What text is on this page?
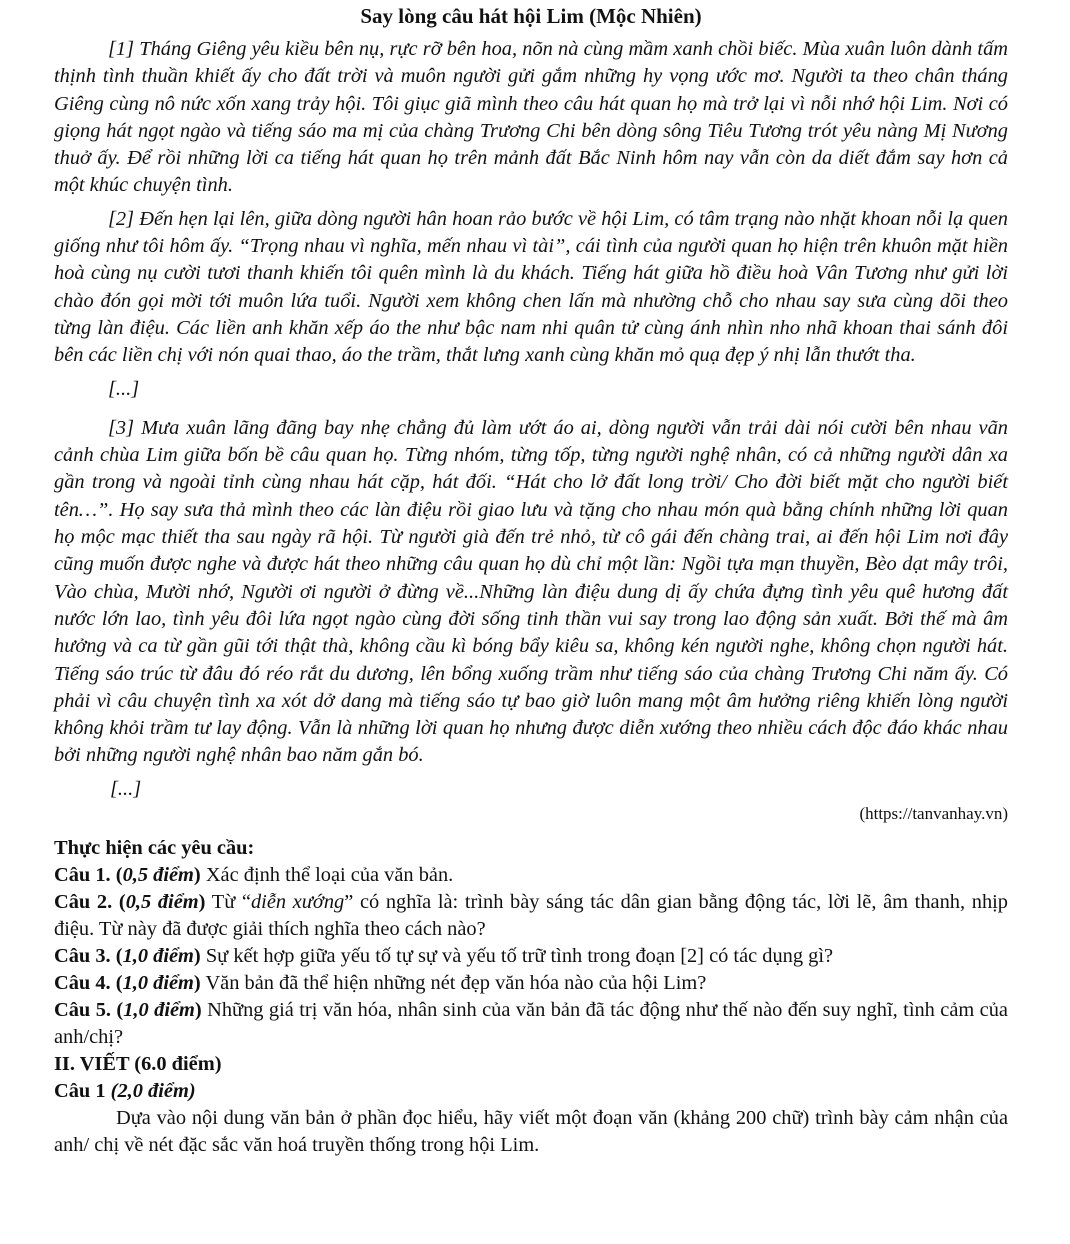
Say lòng câu hát hội Lim (Mộc Nhiên)

[1] Tháng Giêng yêu kiều bên nụ, rực rỡ bên hoa, nõn nà cùng mầm xanh chồi biếc. Mùa xuân luôn dành tấm thịnh tình thuần khiết ấy cho đất trời và muôn người gửi gắm những hy vọng ước mơ. Người ta theo chân tháng Giêng cùng nô nức xốn xang trảy hội. Tôi giục giã mình theo câu hát quan họ mà trở lại vì nỗi nhớ hội Lim. Nơi có giọng hát ngọt ngào và tiếng sáo ma mị của chàng Trương Chi bên dòng sông Tiêu Tương trót yêu nàng Mị Nương thuở ấy. Để rồi những lời ca tiếng hát quan họ trên mảnh đất Bắc Ninh hôm nay vẫn còn da diết đắm say hơn cả một khúc chuyện tình.

[2] Đến hẹn lại lên, giữa dòng người hân hoan rảo bước về hội Lim, có tâm trạng nào nhặt khoan nỗi lạ quen giống như tôi hôm ấy. “Trọng nhau vì nghĩa, mến nhau vì tài”, cái tình của người quan họ hiện trên khuôn mặt hiền hoà cùng nụ cười tươi thanh khiến tôi quên mình là du khách. Tiếng hát giữa hồ điều hoà Vân Tương như gửi lời chào đón gọi mời tới muôn lứa tuổi. Người xem không chen lấn mà nhường chỗ cho nhau say sưa cùng dõi theo từng làn điệu. Các liền anh khăn xếp áo the như bậc nam nhi quân tử cùng ánh nhìn nho nhã khoan thai sánh đôi bên các liền chị với nón quai thao, áo the trầm, thắt lưng xanh cùng khăn mỏ quạ đẹp ý nhị lẫn thướt tha.

[...]

[3] Mưa xuân lãng đãng bay nhẹ chẳng đủ làm ướt áo ai, dòng người vẫn trải dài nói cười bên nhau vãn cảnh chùa Lim giữa bốn bề câu quan họ. Từng nhóm, từng tốp, từng người nghệ nhân, có cả những người dân xa gần trong và ngoài tỉnh cùng nhau hát cặp, hát đối. “Hát cho lở đất long trời/ Cho đời biết mặt cho người biết tên…”. Họ say sưa thả mình theo các làn điệu rồi giao lưu và tặng cho nhau món quà bằng chính những lời quan họ mộc mạc thiết tha sau ngày rã hội. Từ người già đến trẻ nhỏ, từ cô gái đến chàng trai, ai đến hội Lim nơi đây cũng muốn được nghe và được hát theo những câu quan họ dù chỉ một lần: Ngồi tựa mạn thuyền, Bèo dạt mây trôi, Vào chùa, Mười nhớ, Người ơi người ở đừng về...Những làn điệu dung dị ấy chứa đựng tình yêu quê hương đất nước lớn lao, tình yêu đôi lứa ngọt ngào cùng đời sống tinh thần vui say trong lao động sản xuất. Bởi thế mà âm hưởng và ca từ gần gũi tới thật thà, không cầu kì bóng bẩy kiêu sa, không kén người nghe, không chọn người hát. Tiếng sáo trúc từ đâu đó réo rắt du dương, lên bổng xuống trầm như tiếng sáo của chàng Trương Chi năm ấy. Có phải vì câu chuyện tình xa xót dở dang mà tiếng sáo tự bao giờ luôn mang một âm hưởng riêng khiến lòng người không khỏi trầm tư lay động. Vẫn là những lời quan họ nhưng được diễn xướng theo nhiều cách độc đáo khác nhau bởi những người nghệ nhân bao năm gắn bó.

[...]
(https://tanvanhay.vn)
Thực hiện các yêu cầu:

Câu 1. (0,5 điểm) Xác định thể loại của văn bản.

Câu 2. (0,5 điểm) Từ “diễn xướng” có nghĩa là: trình bày sáng tác dân gian bằng động tác, lời lẽ, âm thanh, nhịp điệu. Từ này đã được giải thích nghĩa theo cách nào?

Câu 3. (1,0 điểm) Sự kết hợp giữa yếu tố tự sự và yếu tố trữ tình trong đoạn [2] có tác dụng gì?

Câu 4. (1,0 điểm) Văn bản đã thể hiện những nét đẹp văn hóa nào của hội Lim?

Câu 5. (1,0 điểm) Những giá trị văn hóa, nhân sinh của văn bản đã tác động như thế nào đến suy nghĩ, tình cảm của anh/chị?

II. VIẾT (6.0 điểm)
Câu 1 (2,0 điểm)

Dựa vào nội dung văn bản ở phần đọc hiểu, hãy viết một đoạn văn (khảng 200 chữ) trình bày cảm nhận của anh/ chị về nét đặc sắc văn hoá truyền thống trong hội Lim.
